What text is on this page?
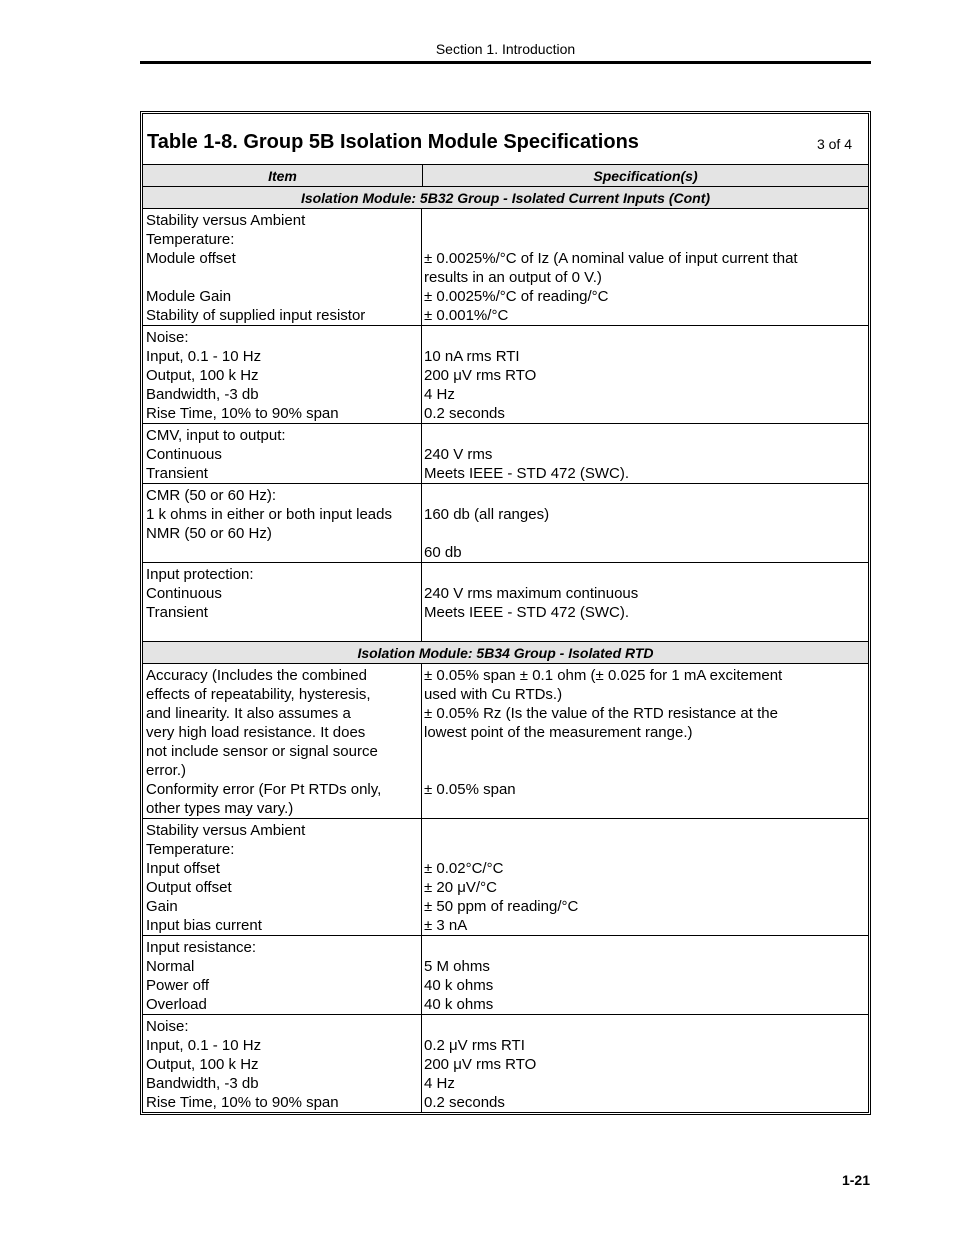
Section 1. Introduction
Table 1-8. Group 5B Isolation Module Specifications	3 of 4
Item	Specification(s)
Isolation Module: 5B32 Group - Isolated Current Inputs (Cont)
Stability versus Ambient
Temperature:
Module offset
Module Gain
Stability of supplied input resistor
± 0.0025%/°C of Iz (A nominal value of input current that
results in an output of 0 V.)
± 0.0025%/°C of reading/°C
± 0.001%/°C
Noise:
Input, 0.1 - 10 Hz
Output, 100 k Hz
Bandwidth, -3 db
Rise Time, 10% to 90% span
10 nA rms RTI
200 μV rms RTO
4 Hz
0.2 seconds
CMV, input to output:
Continuous
Transient
240 V rms
Meets IEEE - STD 472 (SWC).
CMR (50 or 60 Hz):
1 k ohms in either or both input leads
NMR (50 or 60 Hz)
160 db (all ranges)
60 db
Input protection:
Continuous
Transient
240 V rms maximum continuous
Meets IEEE - STD 472 (SWC).
Isolation Module: 5B34 Group - Isolated RTD
Accuracy (Includes the combined
effects of repeatability, hysteresis,
and linearity. It also assumes a
very high load resistance. It does
not include sensor or signal source
error.)
Conformity error (For Pt RTDs only,
other types may vary.)
± 0.05% span ± 0.1 ohm (± 0.025 for 1 mA excitement
used with Cu RTDs.)
± 0.05% Rz (Is the value of the RTD resistance at the
lowest point of the measurement range.)
± 0.05% span
Stability versus Ambient
Temperature:
Input offset
Output offset
Gain
Input bias current
± 0.02°C/°C
± 20 μV/°C
± 50 ppm of reading/°C
± 3 nA
Input resistance:
Normal
Power off
Overload
5 M ohms
40 k ohms
40 k ohms
Noise:
Input, 0.1 - 10 Hz
Output, 100 k Hz
Bandwidth, -3 db
Rise Time, 10% to 90% span
0.2 μV rms RTI
200 μV rms RTO
4 Hz
0.2 seconds
1-21
